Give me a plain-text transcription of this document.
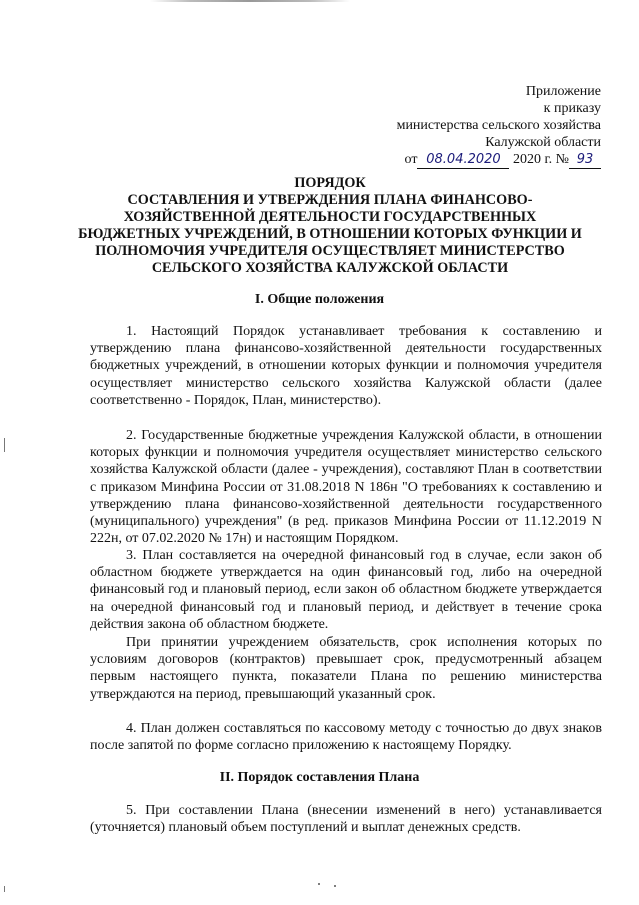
Приложение
к приказу
министерства сельского хозяйства
Калужской области
от 08.04.2020 2020 г. № 93
ПОРЯДОК
СОСТАВЛЕНИЯ И УТВЕРЖДЕНИЯ ПЛАНА ФИНАНСОВО-
ХОЗЯЙСТВЕННОЙ ДЕЯТЕЛЬНОСТИ ГОСУДАРСТВЕННЫХ
БЮДЖЕТНЫХ УЧРЕЖДЕНИЙ, В ОТНОШЕНИИ КОТОРЫХ ФУНКЦИИ И
ПОЛНОМОЧИЯ УЧРЕДИТЕЛЯ ОСУЩЕСТВЛЯЕТ МИНИСТЕРСТВО
СЕЛЬСКОГО ХОЗЯЙСТВА КАЛУЖСКОЙ ОБЛАСТИ
I. Общие положения

1. Настоящий Порядок устанавливает требования к составлению и утверждению плана финансово-хозяйственной деятельности государственных бюджетных учреждений, в отношении которых функции и полномочия учредителя осуществляет министерство сельского хозяйства Калужской области (далее соответственно - Порядок, План, министерство).

2. Государственные бюджетные учреждения Калужской области, в отношении которых функции и полномочия учредителя осуществляет министерство сельского хозяйства Калужской области (далее - учреждения), составляют План в соответствии с приказом Минфина России от 31.08.2018 N 186н "О требованиях к составлению и утверждению плана финансово-хозяйственной деятельности государственного (муниципального) учреждения" (в ред. приказов Минфина России от 11.12.2019 N 222н, от 07.02.2020 № 17н) и настоящим Порядком.

3. План составляется на очередной финансовый год в случае, если закон об областном бюджете утверждается на один финансовый год, либо на очередной финансовый год и плановый период, если закон об областном бюджете утверждается на очередной финансовый год и плановый период, и действует в течение срока действия закона об областном бюджете.

При принятии учреждением обязательств, срок исполнения которых по условиям договоров (контрактов) превышает срок, предусмотренный абзацем первым настоящего пункта, показатели Плана по решению министерства утверждаются на период, превышающий указанный срок.

4. План должен составляться по кассовому методу с точностью до двух знаков после запятой по форме согласно приложению к настоящему Порядку.

II. Порядок составления Плана

5. При составлении Плана (внесении изменений в него) устанавливается (уточняется) плановый объем поступлений и выплат денежных средств.
